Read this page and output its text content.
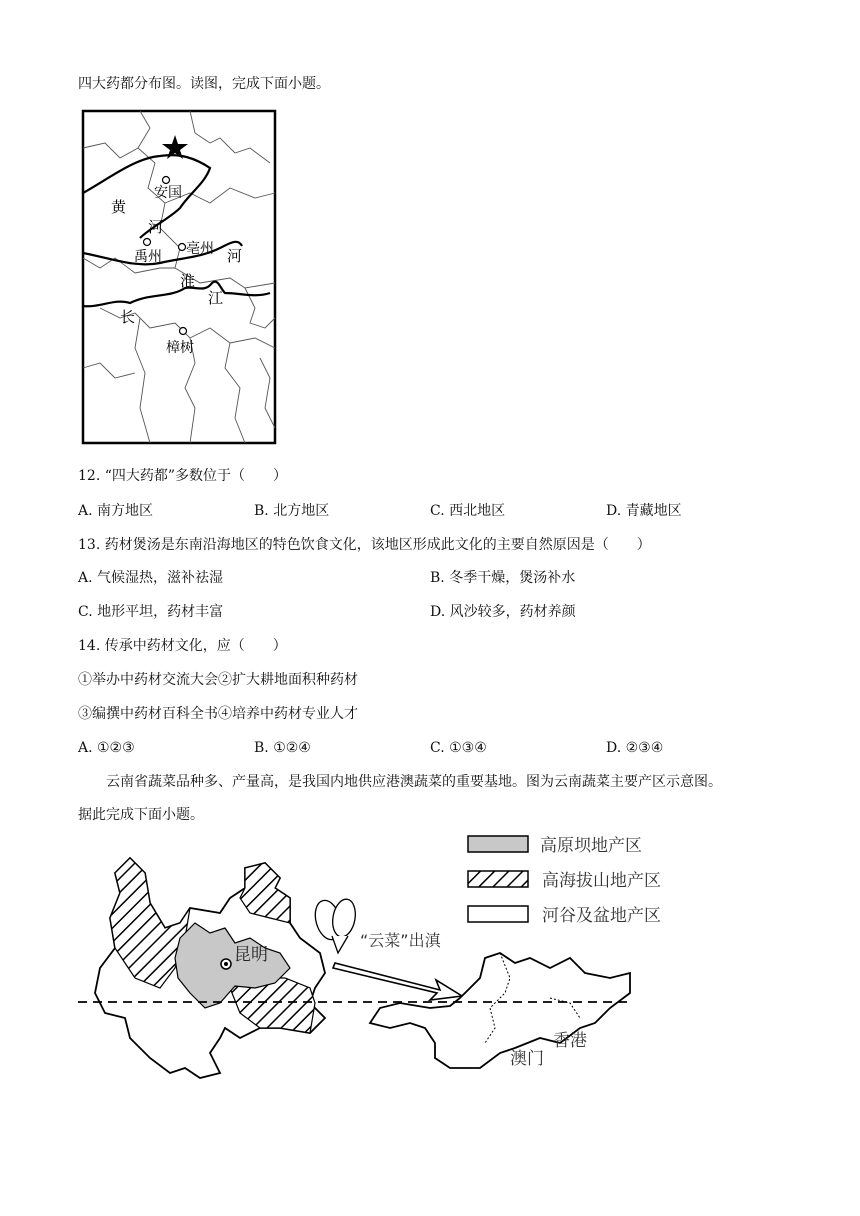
四大药都分布图。读图，完成下面小题。
黄
河
安国
禹州 亳州 河
淮
江
长
樟树
12. “四大药都”多数位于（　　）
A. 南方地区	B. 北方地区	C. 西北地区	D. 青藏地区
13. 药材煲汤是东南沿海地区的特色饮食文化，该地区形成此文化的主要自然原因是（　　）
A. 气候湿热，滋补祛湿	B. 冬季干燥，煲汤补水
C. 地形平坦，药材丰富	D. 风沙较多，药材养颜
14. 传承中药材文化，应（　　）
①举办中药材交流大会②扩大耕地面积种药材
③编撰中药材百科全书④培养中药材专业人才
A. ①②③	B. ①②④	C. ①③④	D. ②③④
云南省蔬菜品种多、产量高，是我国内地供应港澳蔬菜的重要基地。图为云南蔬菜主要产区示意图。
据此完成下面小题。
高原坝地产区
高海拔山地产区
河谷及盆地产区
昆明
“云菜”出滇
香港
澳门
